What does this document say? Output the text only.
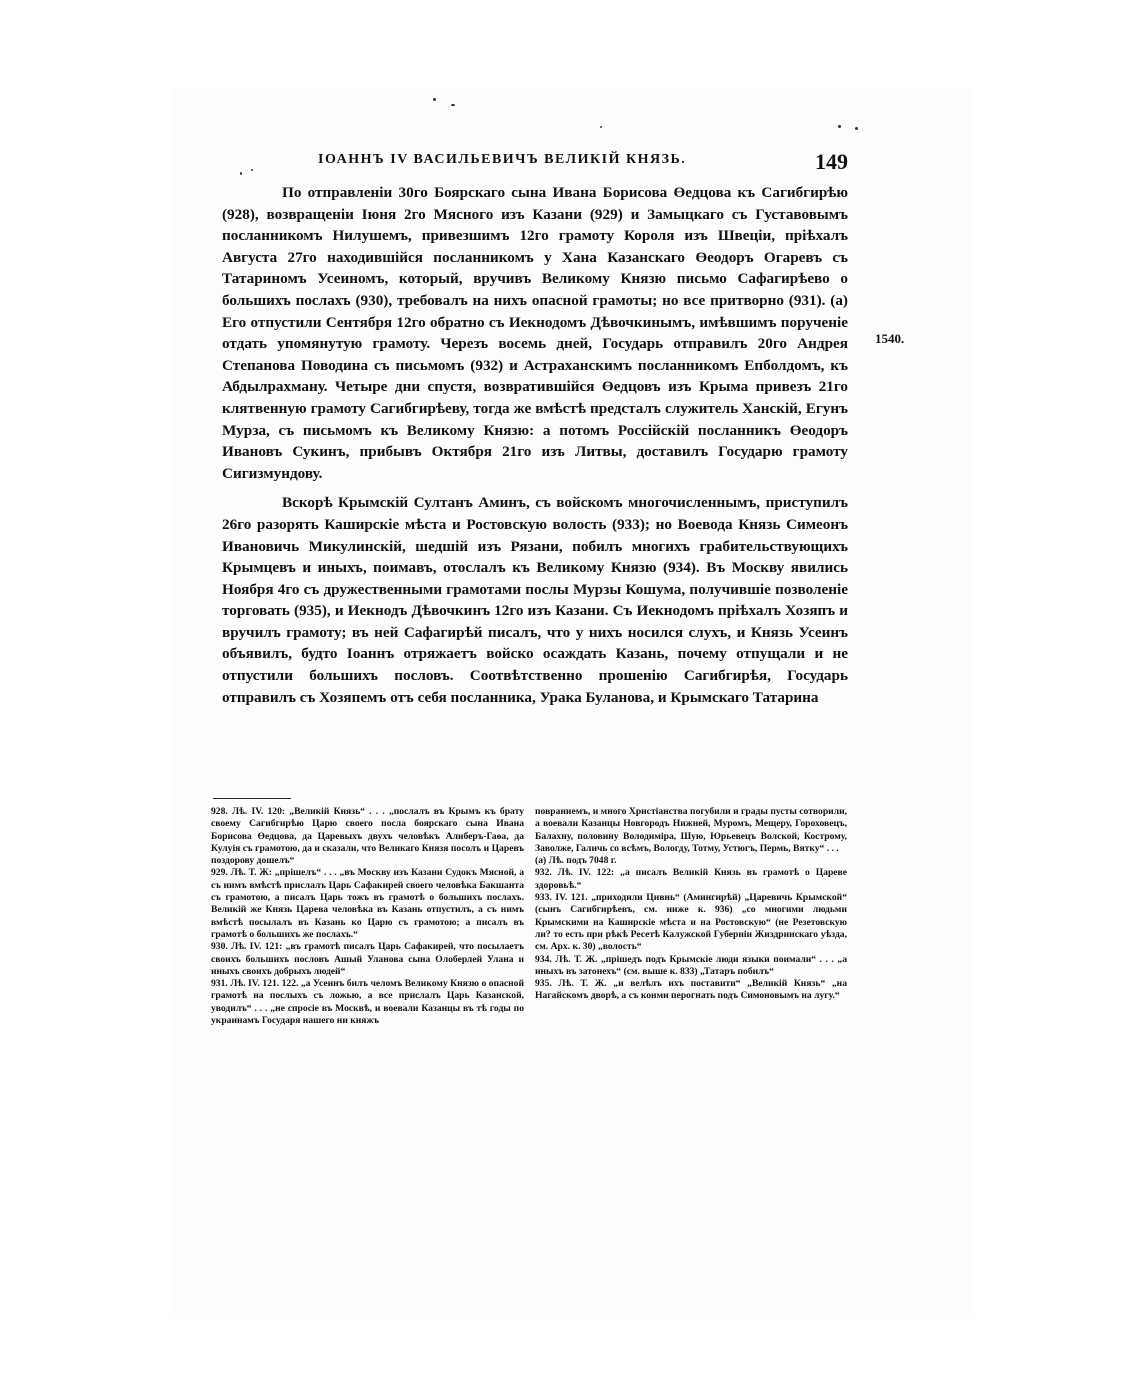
IОАННЪ IV ВАСИЛЬЕВИЧЪ ВЕЛИКIЙ КНЯЗЬ.	149

По отправленiи 30го Боярскаго сына Ивана Борисова Өедцова къ Сагибгирѣю (928), возвращенiи Iюня 2го Мясного изъ Казани (929) и Замыцкаго съ Густавовымъ посланникомъ Нилушемъ, привезшимъ 12го грамоту Короля изъ Швецiи, прiѣхалъ Августа 27го находившiйся посланникомъ у Хана Казанскаго Өеодоръ Огаревъ съ Татариномъ Усеиномъ, который, вручивъ Великому Князю письмо Сафагирѣево о большихъ послахъ (930), требовалъ на нихъ опасной грамоты; но все притворно (931). (а) Его отпустили Сентября 12го обратно съ Иекнодомъ Дѣвочкинымъ, имѣвшимъ порученiе отдать упомянутую грамоту. Черезъ восемь дней, Государь отправилъ 20го Андрея Степанова Поводина съ письмомъ (932) и Астраханскимъ посланникомъ Епболдомъ, къ Абдылрахману. Четыре дни спустя, возвратившiйся Өедцовъ изъ Крыма привезъ 21го клятвенную грамоту Сагибгирѣеву, тогда же вмѣстѣ предсталъ служитель Ханскiй, Егунъ Мурза, съ письмомъ къ Великому Князю: а потомъ Россiйскiй посланникъ Өеодоръ Ивановъ Сукинъ, прибывъ Октября 21го изъ Литвы, доставилъ Государю грамоту Сигизмундову.

Вскорѣ Крымскiй Султанъ Аминъ, съ войскомъ многочисленнымъ, приступилъ 26го разорять Каширскiе мѣста и Ростовскую волость (933); но Воевода Князь Симеонъ Ивановичь Микулинскiй, шедшiй изъ Рязани, побилъ многихъ грабительствующихъ Крымцевъ и иныхъ, поимавъ, отослалъ къ Великому Князю (934). Въ Москву явились Ноября 4го съ дружественными грамотами послы Мурзы Кошума, получившiе позволенiе торговать (935), и Иекнодъ Дѣвочкинъ 12го изъ Казани. Съ Иекнодомъ прiѣхалъ Хозяпъ и вручилъ грамоту; въ ней Сафагирѣй писалъ, что у нихъ носился слухъ, и Князь Усеинъ объявилъ, будто Iоаннъ отряжаетъ войско осаждать Казань, почему отпущали и не отпустили большихъ пословъ. Соотвѣтственно прошенiю Сагибгирѣя, Государь отправилъ съ Хозяпемъ отъ себя посланника, Урака Буланова, и Крымскаго Татарина

1540.

928. Лѣ. IV. 120: „Великiй Князь“ . . . „послалъ въ Крымъ къ брату своему Сагибгирѣю Царю своего посла боярскаго сына Ивана Борисова Өедцова, да Царевыхъ двухъ человѣкъ Алиберъ-Гаѳа, да Кулуiя съ грамотою, да и сказали, что Великаго Князя посолъ и Царевъ поздорову дошелъ“

929. Лѣ. Т. Ж: „прiшелъ“ . . . „въ Москву изъ Казани Судокъ Мясной, а съ нимъ вмѣстѣ прислалъ Царь Сафакирей своего человѣка Бакшанта съ грамотою, а писалъ Царь тожъ въ грамотѣ о большихъ послахъ. Великiй же Князь Царева человѣка въ Казань отпустилъ, а съ нимъ вмѣстѣ посылалъ въ Казань ко Царю съ грамотою; а писалъ въ грамотѣ о большихъ же послахъ.“

930. Лѣ. IV. 121: „въ грамотѣ писалъ Царь Сафакирей, что посылаетъ своихъ большихъ пословъ Ашый Уланова сына Олоберлей Улана и иныхъ своихъ добрыхъ людей“

931. Лѣ. IV. 121. 122. „а Усеинъ билъ челомъ Великому Князю о опасной грамотѣ на послыхъ съ ложью, а все прислалъ Царь Казанской, уводилъ“ . . . „не спросiе въ Москвѣ, и воевали Казанцы въ тѣ годы по украинамъ Государя нашего ни княжъ

повраниемъ, и много Христiанства погубили и грады пусты сотворили, а воевали Казанцы Новгородъ Нижней, Муромъ, Мещеру, Гороховецъ, Балахну, половину Володимiра, Шую, Юрьевецъ Волской, Кострому, Заволже, Галичь со всѣмъ, Вологду, Тотму, Устюгъ, Пермь, Вятку“ . . .

(а) Лѣ. подъ 7048 г.

932. Лѣ. IV. 122: „а писалъ Великiй Князь въ грамотѣ о Цареве здоровьѣ.“

933. IV. 121. „приходили Цивнь“ (Амингирѣй) „Царевичь Крымской“ (сынъ Сагибгирѣевъ, см. ниже к. 936) „со многими людьми Крымскими на Каширскiе мѣста и на Ростовскую“ (не Резетовскую ли? то есть при рѣкѣ Ресетѣ Калужской Губернiи Жиздринскаго уѣзда, см. Арх. к. 30) „волость“

934. Лѣ. Т. Ж. „прiшедъ подъ Крымскiе люди языки поимали“ . . . „а иныхъ въ затонехъ“ (см. выше к. 833) „Татаръ побилъ“

935. Лѣ. Т. Ж. „и велѣлъ ихъ поставити“ „Великiй Князь“ „на Нагайскомъ дворѣ, а съ конми перогнать подъ Симоновымъ на лугу.“
